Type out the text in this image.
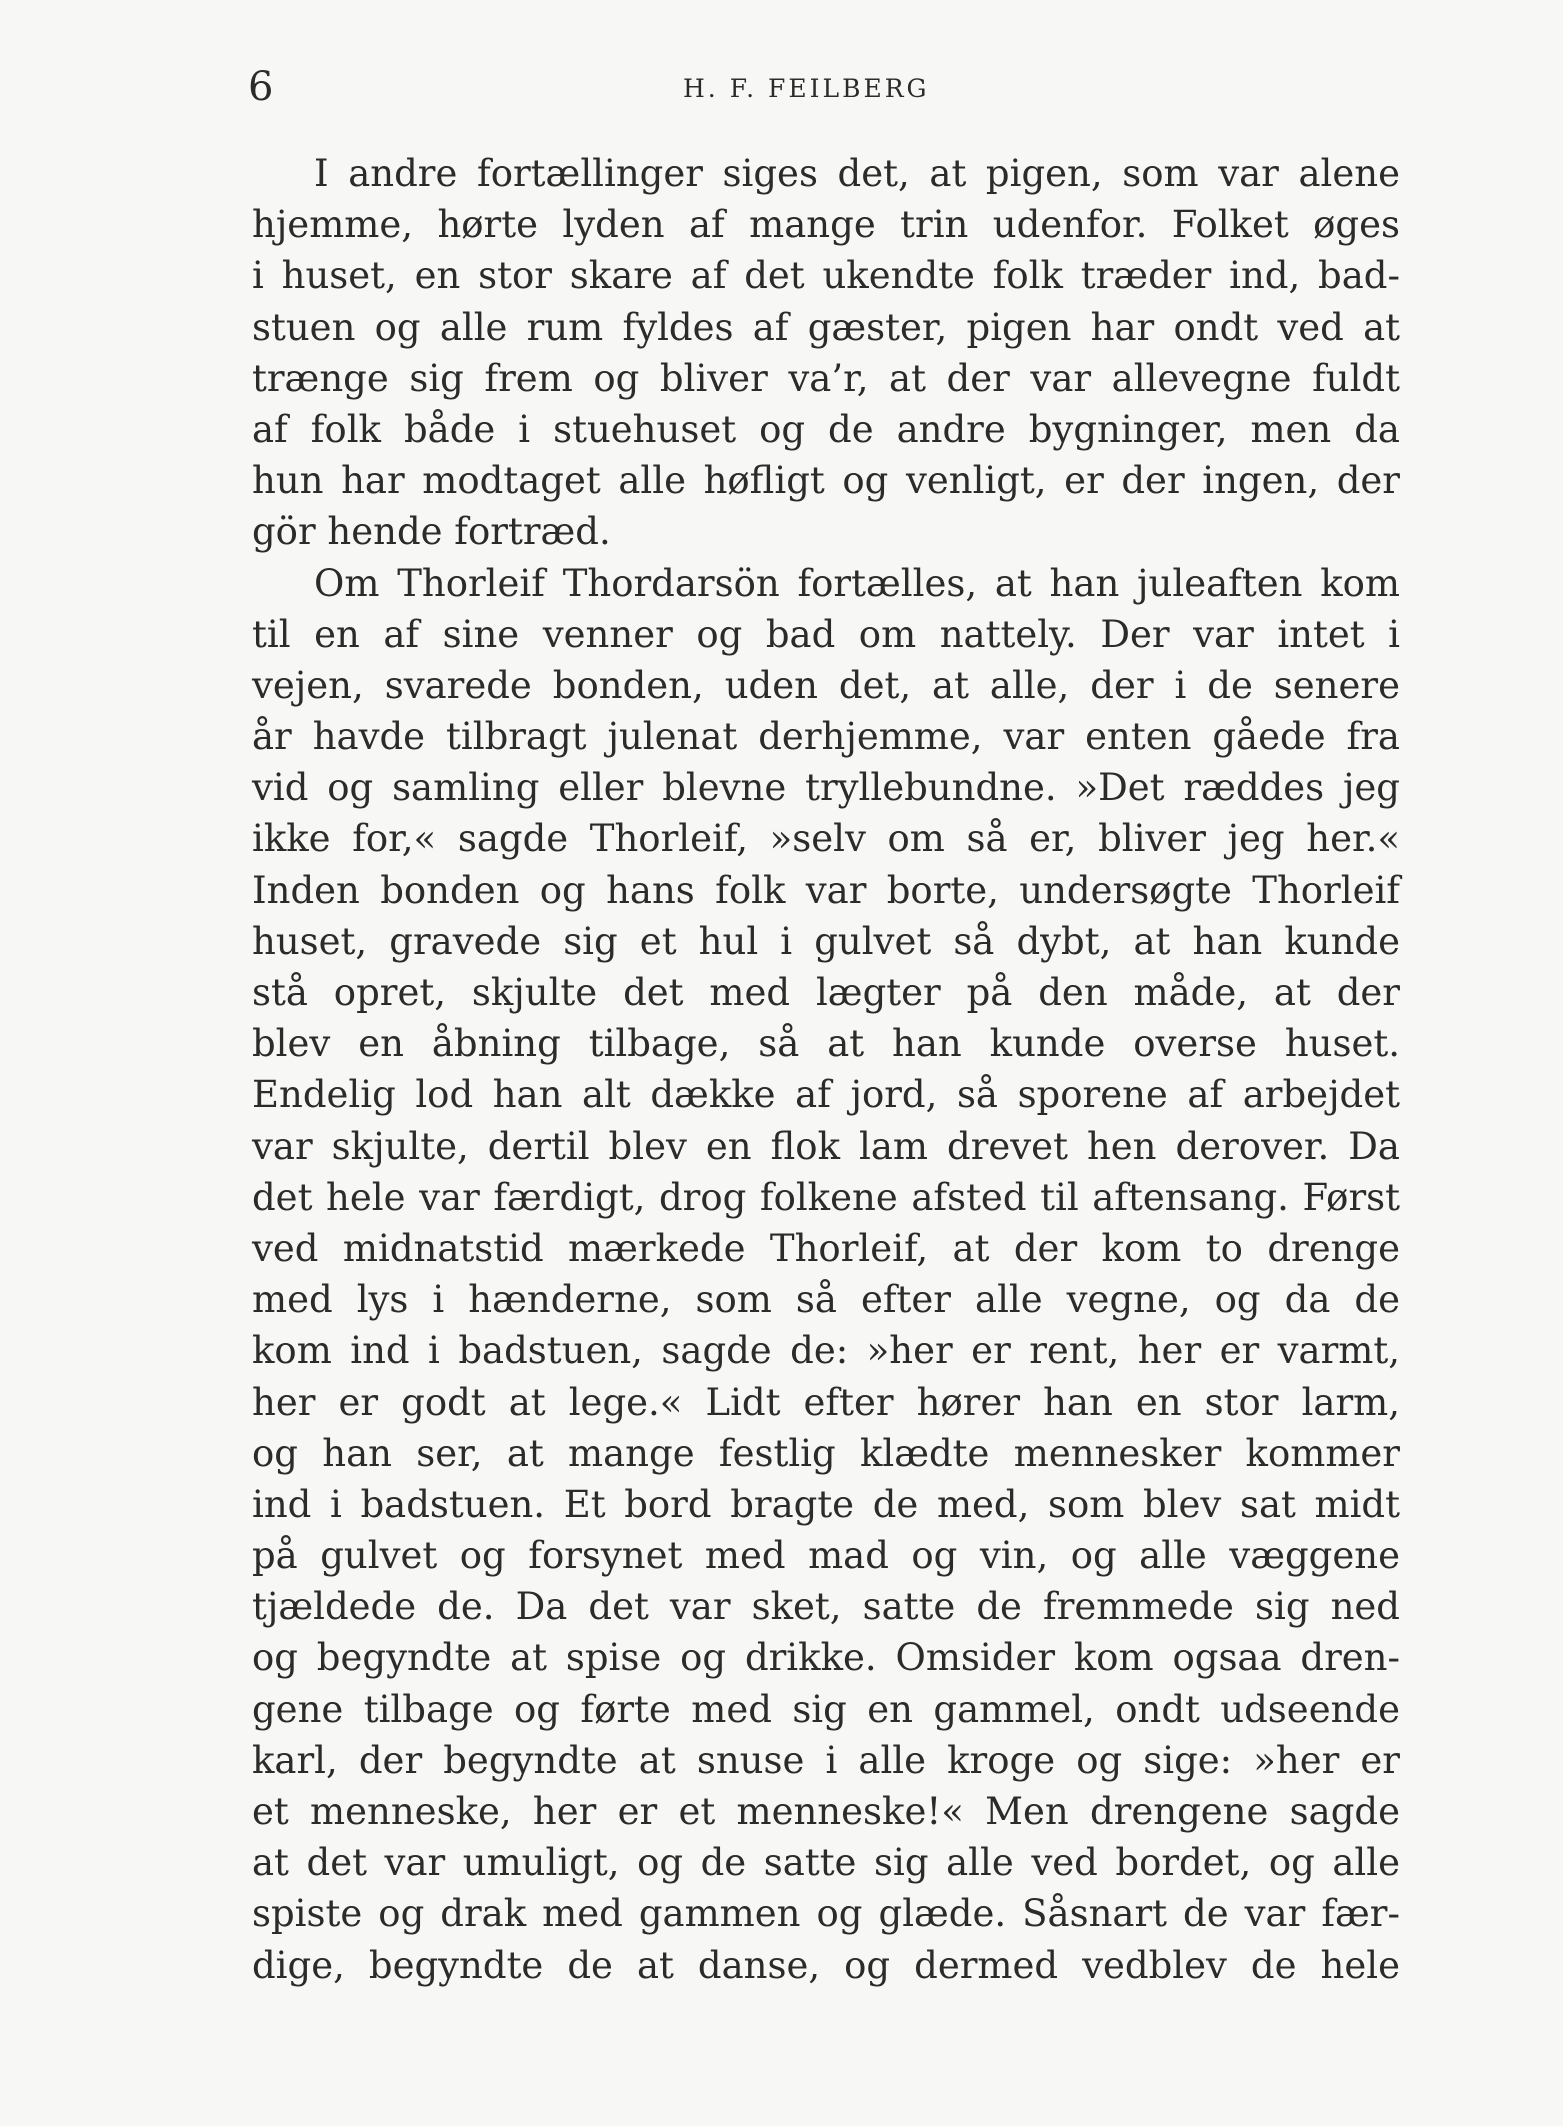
6	H. F. FEILBERG
I andre fortællinger siges det, at pigen, som var alene
hjemme, hørte lyden af mange trin udenfor. Folket øges
i huset, en stor skare af det ukendte folk træder ind, bad-
stuen og alle rum fyldes af gæster, pigen har ondt ved at
trænge sig frem og bliver va’r, at der var allevegne fuldt
af folk både i stuehuset og de andre bygninger, men da
hun har modtaget alle høfligt og venligt, er der ingen, der
gör hende fortræd.
Om Thorleif Thordarsön fortælles, at han juleaften kom
til en af sine venner og bad om nattely. Der var intet i
vejen, svarede bonden, uden det, at alle, der i de senere
år havde tilbragt julenat derhjemme, var enten gåede fra
vid og samling eller blevne tryllebundne. »Det ræddes jeg
ikke for,« sagde Thorleif, »selv om så er, bliver jeg her.«
Inden bonden og hans folk var borte, undersøgte Thorleif
huset, gravede sig et hul i gulvet så dybt, at han kunde
stå opret, skjulte det med lægter på den måde, at der
blev en åbning tilbage, så at han kunde overse huset.
Endelig lod han alt dække af jord, så sporene af arbejdet
var skjulte, dertil blev en flok lam drevet hen derover. Da
det hele var færdigt, drog folkene afsted til aftensang. Først
ved midnatstid mærkede Thorleif, at der kom to drenge
med lys i hænderne, som så efter alle vegne, og da de
kom ind i badstuen, sagde de: »her er rent, her er varmt,
her er godt at lege.« Lidt efter hører han en stor larm,
og han ser, at mange festlig klædte mennesker kommer
ind i badstuen. Et bord bragte de med, som blev sat midt
på gulvet og forsynet med mad og vin, og alle væggene
tjældede de. Da det var sket, satte de fremmede sig ned
og begyndte at spise og drikke. Omsider kom ogsaa dren-
gene tilbage og førte med sig en gammel, ondt udseende
karl, der begyndte at snuse i alle kroge og sige: »her er
et menneske, her er et menneske!« Men drengene sagde
at det var umuligt, og de satte sig alle ved bordet, og alle
spiste og drak med gammen og glæde. Såsnart de var fær-
dige, begyndte de at danse, og dermed vedblev de hele
